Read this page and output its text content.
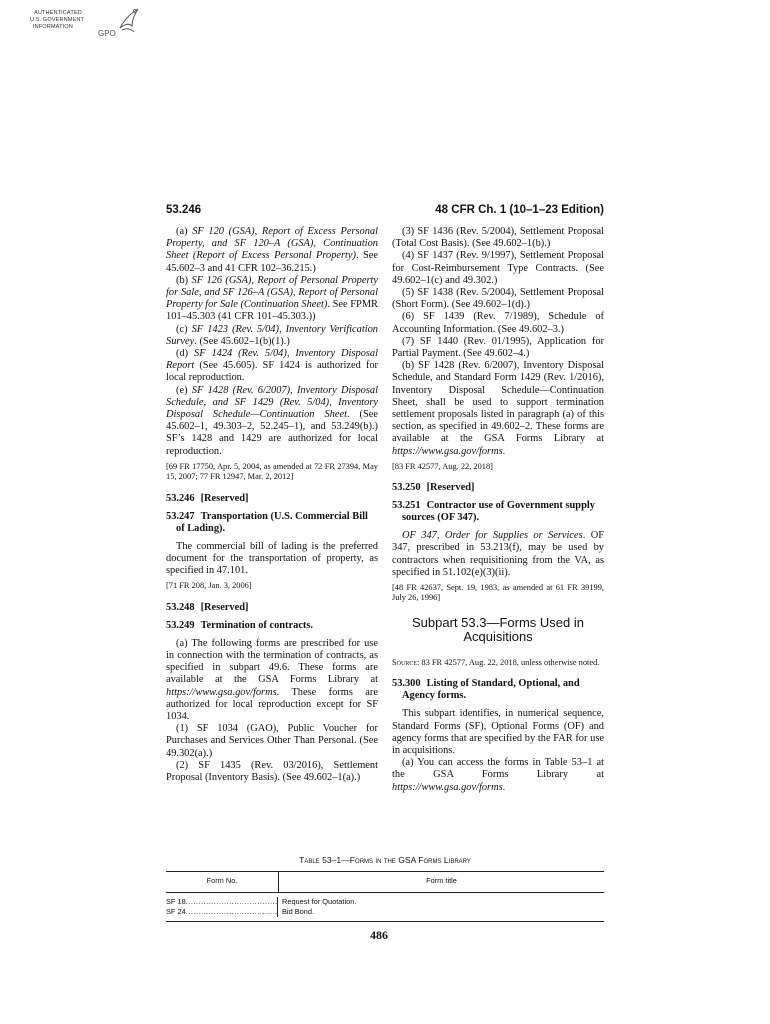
AUTHENTICATED
U.S. GOVERNMENT
INFORMATION
GPO
53.246	48 CFR Ch. 1 (10–1–23 Edition)

(a) SF 120 (GSA), Report of Excess Personal Property, and SF 120–A (GSA), Continuation Sheet (Report of Excess Personal Property). See 45.602–3 and 41 CFR 102–36.215.)

(b) SF 126 (GSA), Report of Personal Property for Sale, and SF 126–A (GSA), Report of Personal Property for Sale (Continuation Sheet). See FPMR 101–45.303 (41 CFR 101–45.303.))

(c) SF 1423 (Rev. 5/04), Inventory Verification Survey. (See 45.602–1(b)(1).)

(d) SF 1424 (Rev. 5/04), Inventory Disposal Report (See 45.605). SF 1424 is authorized for local reproduction.

(e) SF 1428 (Rev. 6/2007), Inventory Disposal Schedule, and SF 1429 (Rev. 5/04), Inventory Disposal Schedule—Continuation Sheet. (See 45.602–1, 49.303–2, 52.245–1), and 53.249(b).) SF’s 1428 and 1429 are authorized for local reproduction.

[69 FR 17750, Apr. 5, 2004, as amended at 72 FR 27394, May 15, 2007; 77 FR 12947, Mar. 2, 2012]

53.246 [Reserved]
53.247 Transportation (U.S. Commercial Bill of Lading).

The commercial bill of lading is the preferred document for the transportation of property, as specified in 47.101.

[71 FR 208, Jan. 3, 2006]

53.248 [Reserved]
53.249 Termination of contracts.

(a) The following forms are prescribed for use in connection with the termination of contracts, as specified in subpart 49.6. These forms are available at the GSA Forms Library at https://www.gsa.gov/forms. These forms are authorized for local reproduction except for SF 1034.

(1) SF 1034 (GAO), Public Voucher for Purchases and Services Other Than Personal. (See 49.302(a).)

(2) SF 1435 (Rev. 03/2016), Settlement Proposal (Inventory Basis). (See 49.602–1(a).)

(3) SF 1436 (Rev. 5/2004), Settlement Proposal (Total Cost Basis). (See 49.602–1(b).)

(4) SF 1437 (Rev. 9/1997), Settlement Proposal for Cost-Reimbursement Type Contracts. (See 49.602–1(c) and 49.302.)

(5) SF 1438 (Rev. 5/2004), Settlement Proposal (Short Form). (See 49.602–1(d).)

(6) SF 1439 (Rev. 7/1989), Schedule of Accounting Information. (See 49.602–3.)

(7) SF 1440 (Rev. 01/1995), Application for Partial Payment. (See 49.602–4.)

(b) SF 1428 (Rev. 6/2007), Inventory Disposal Schedule, and Standard Form 1429 (Rev. 1/2016), Inventory Disposal Schedule—Continuation Sheet, shall be used to support termination settlement proposals listed in paragraph (a) of this section, as specified in 49.602–2. These forms are available at the GSA Forms Library at https://www.gsa.gov/forms.

[83 FR 42577, Aug. 22, 2018]

53.250 [Reserved]
53.251 Contractor use of Government supply sources (OF 347).

OF 347, Order for Supplies or Services. OF 347, prescribed in 53.213(f), may be used by contractors when requisitioning from the VA, as specified in 51.102(e)(3)(ii).

[48 FR 42637, Sept. 19, 1983, as amended at 61 FR 39199, July 26, 1996]

Subpart 53.3—Forms Used in Acquisitions

Source: 83 FR 42577, Aug. 22, 2018, unless otherwise noted.

53.300 Listing of Standard, Optional, and Agency forms.

This subpart identifies, in numerical sequence, Standard Forms (SF), Optional Forms (OF) and agency forms that are specified by the FAR for use in acquisitions.

(a) You can access the forms in Table 53–1 at the GSA Forms Library at https://www.gsa.gov/forms.

Table 53–1—Forms in the GSA Forms Library
Form No.	Form title
SF 18 .....	Request for Quotation.
SF 24 .....	Bid Bond.
486
